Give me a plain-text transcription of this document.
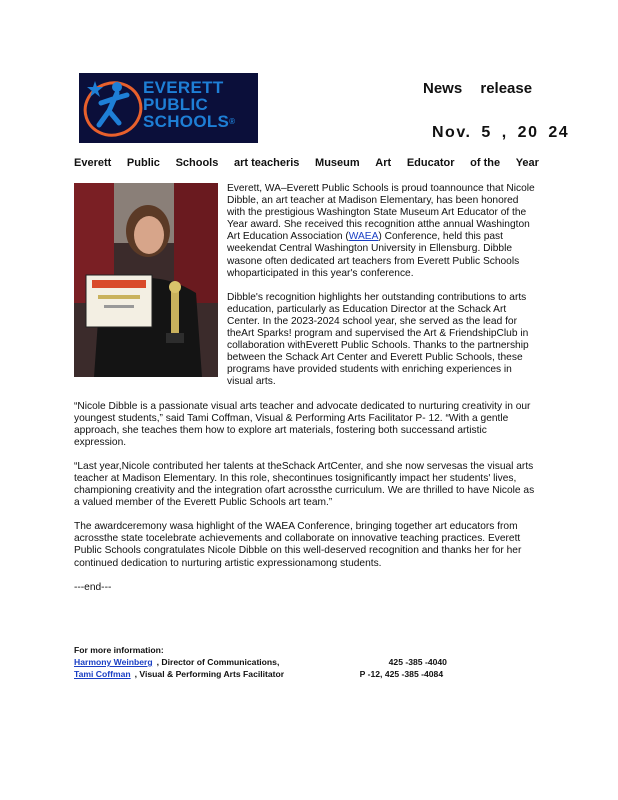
EVERETT
PUBLIC
SCHOOLS®
News release
Nov. 5 , 20 24
Everett Public Schools art teacheris Museum Art Educator of the Year

Everett, WA–Everett Public Schools is proud toannounce that Nicole Dibble, an art teacher at Madison Elementary, has been honored with the prestigious Washington State Museum Art Educator of the Year award. She received this recognition atthe annual Washington Art Education Association (WAEA) Conference, held this past weekendat Central Washington University in Ellensburg. Dibble wasone often dedicated art teachers from Everett Public Schools whoparticipated in this year's conference.

Dibble's recognition highlights her outstanding contributions to arts education, particularly as Education Director at the Schack Art Center. In the 2023-2024 school year, she served as the lead for theArt Sparks! program and supervised the Art & FriendshipClub in collaboration withEverett Public Schools. Thanks to the partnership between the Schack Art Center and Everett Public Schools, these programs have provided students with enriching experiences in visual arts.

“Nicole Dibble is a passionate visual arts teacher and advocate dedicated to nurturing creativity in our youngest students,” said Tami Coffman, Visual & Performing Arts Facilitator P- 12. “With a gentle approach, she teaches them how to explore art materials, fostering both successand artistic expression.

“Last year,Nicole contributed her talents at theSchack ArtCenter, and she now servesas the visual arts teacher at Madison Elementary. In this role, shecontinues tosignificantly impact her students' lives, championing creativity and the integration ofart acrossthe curriculum. We are thrilled to have Nicole as a valued member of the Everett Public Schools art team.”

The awardceremony wasa highlight of the WAEA Conference, bringing together art educators from acrossthe state tocelebrate achievements and collaborate on innovative teaching practices. Everett Public Schools congratulates Nicole Dibble on this well-deserved recognition and thanks her for her continued dedication to nurturing artistic expressionamong students.

---end---

For more information:
Harmony Weinberg , Director of Communications,	425 -385 -4040
Tami Coffman , Visual & Performing Arts Facilitator	P -12, 425 -385 -4084
